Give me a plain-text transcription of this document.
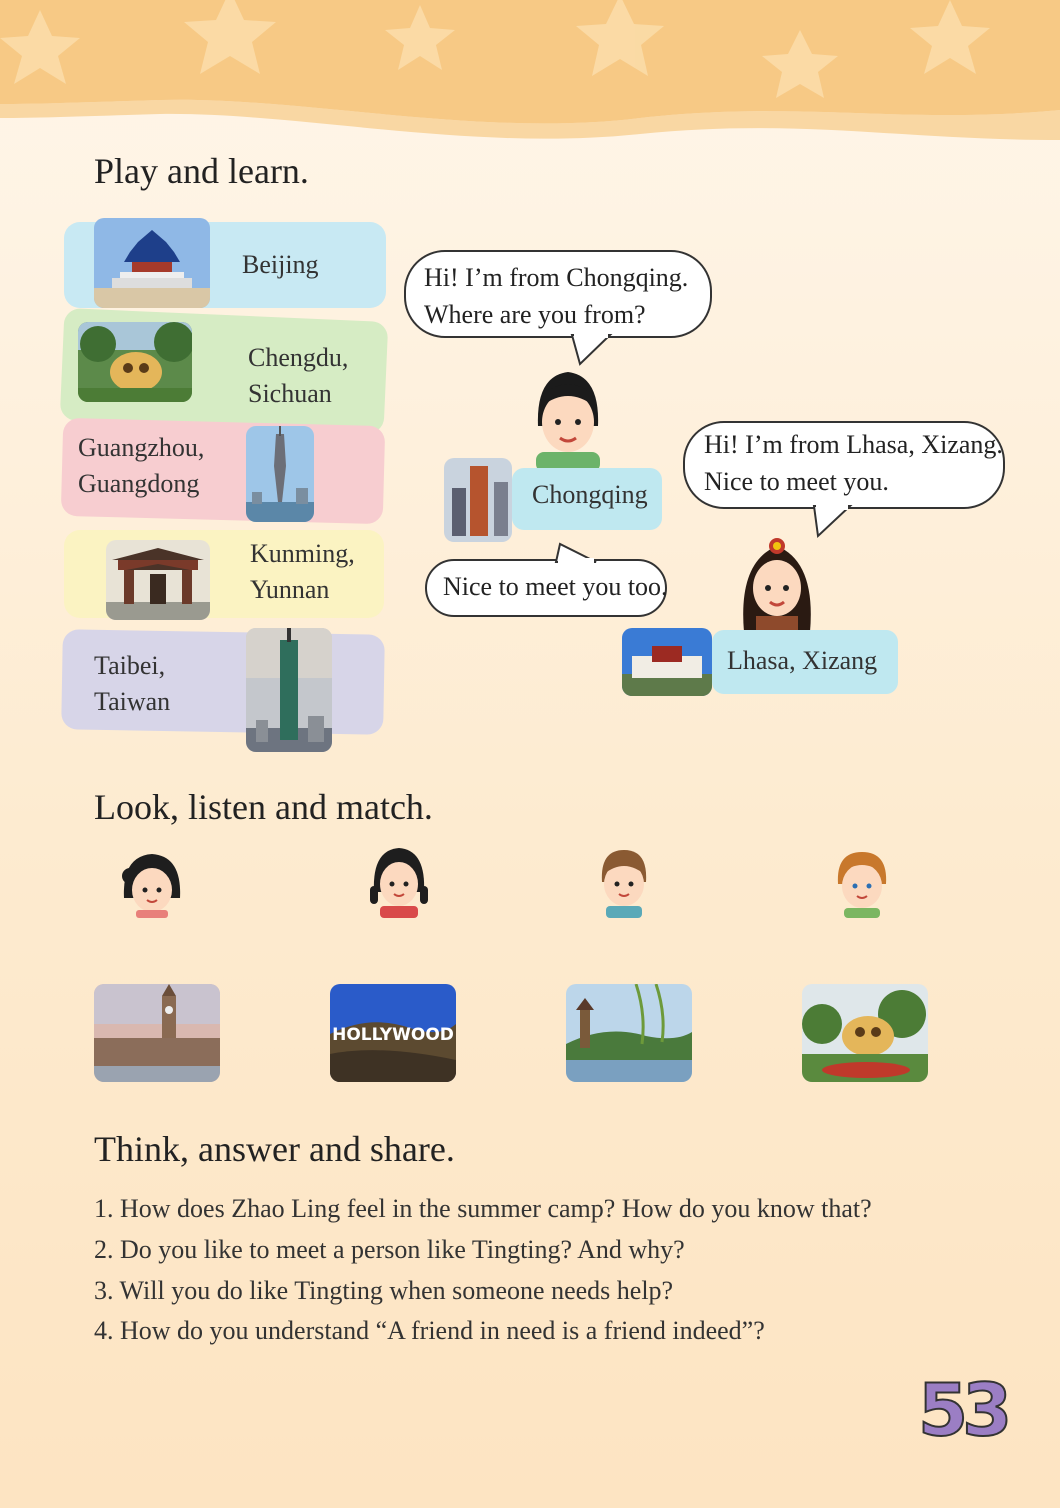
Play and learn.
Beijing
Chengdu,
Sichuan
Guangzhou,
Guangdong
Kunming,
Yunnan
Taibei,
Taiwan
Hi! I’m from Chongqing.
Where are you from?
Chongqing
Nice to meet you too.
Hi! I’m from Lhasa, Xizang.
Nice to meet you.
Lhasa, Xizang
Look, listen and match.
HOLLYWOOD
Think, answer and share.
1. How does Zhao Ling feel in the summer camp? How do you know that?
2. Do you like to meet a person like Tingting? And why?
3. Will you do like Tingting when someone needs help?
4. How do you understand “A friend in need is a friend indeed”?
53
